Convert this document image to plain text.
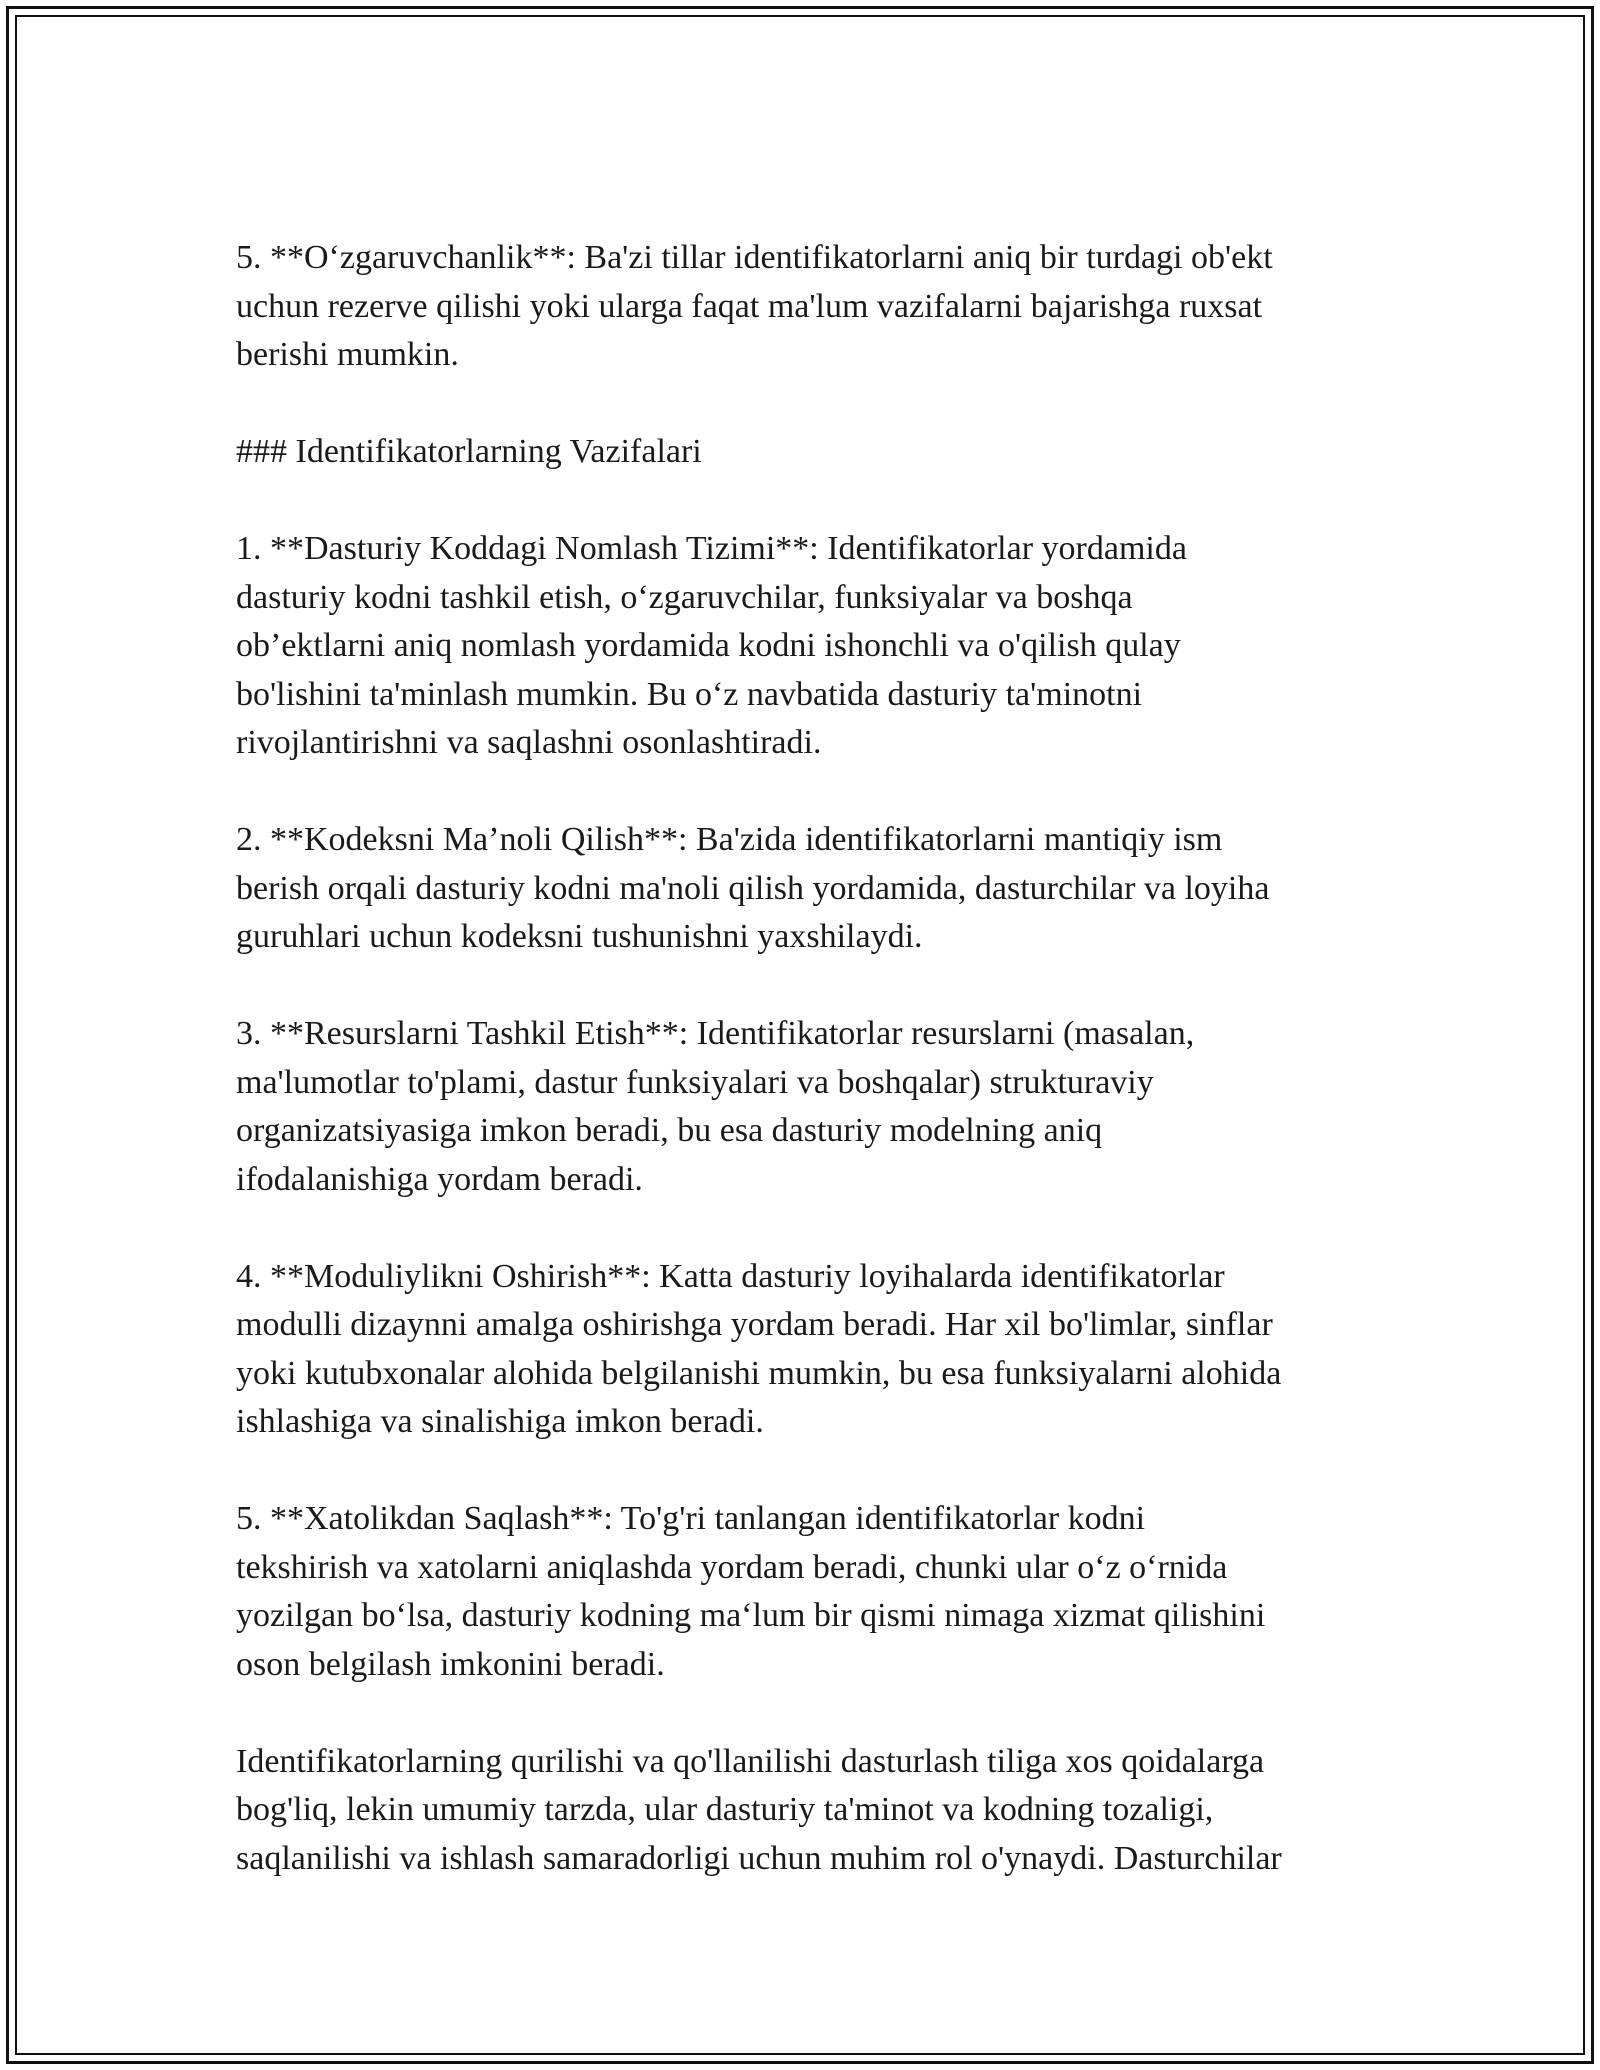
5. **Oʻzgaruvchanlik**: Ba'zi tillar identifikatorlarni aniq bir turdagi ob'ekt
uchun rezerve qilishi yoki ularga faqat ma'lum vazifalarni bajarishga ruxsat
berishi mumkin.

### Identifikatorlarning Vazifalari

1. **Dasturiy Koddagi Nomlash Tizimi**: Identifikatorlar yordamida
dasturiy kodni tashkil etish, oʻzgaruvchilar, funksiyalar va boshqa
ob’ektlarni aniq nomlash yordamida kodni ishonchli va o'qilish qulay
bo'lishini ta'minlash mumkin. Bu oʻz navbatida dasturiy ta'minotni
rivojlantirishni va saqlashni osonlashtiradi.

2. **Kodeksni Ma’noli Qilish**: Ba'zida identifikatorlarni mantiqiy ism
berish orqali dasturiy kodni ma'noli qilish yordamida, dasturchilar va loyiha
guruhlari uchun kodeksni tushunishni yaxshilaydi.

3. **Resurslarni Tashkil Etish**: Identifikatorlar resurslarni (masalan,
ma'lumotlar to'plami, dastur funksiyalari va boshqalar) strukturaviy
organizatsiyasiga imkon beradi, bu esa dasturiy modelning aniq
ifodalanishiga yordam beradi.

4. **Moduliylikni Oshirish**: Katta dasturiy loyihalarda identifikatorlar
modulli dizaynni amalga oshirishga yordam beradi. Har xil bo'limlar, sinflar
yoki kutubxonalar alohida belgilanishi mumkin, bu esa funksiyalarni alohida
ishlashiga va sinalishiga imkon beradi.

5. **Xatolikdan Saqlash**: To'g'ri tanlangan identifikatorlar kodni
tekshirish va xatolarni aniqlashda yordam beradi, chunki ular oʻz oʻrnida
yozilgan boʻlsa, dasturiy kodning maʻlum bir qismi nimaga xizmat qilishini
oson belgilash imkonini beradi.

Identifikatorlarning qurilishi va qo'llanilishi dasturlash tiliga xos qoidalarga
bog'liq, lekin umumiy tarzda, ular dasturiy ta'minot va kodning tozaligi,
saqlanilishi va ishlash samaradorligi uchun muhim rol o'ynaydi. Dasturchilar
